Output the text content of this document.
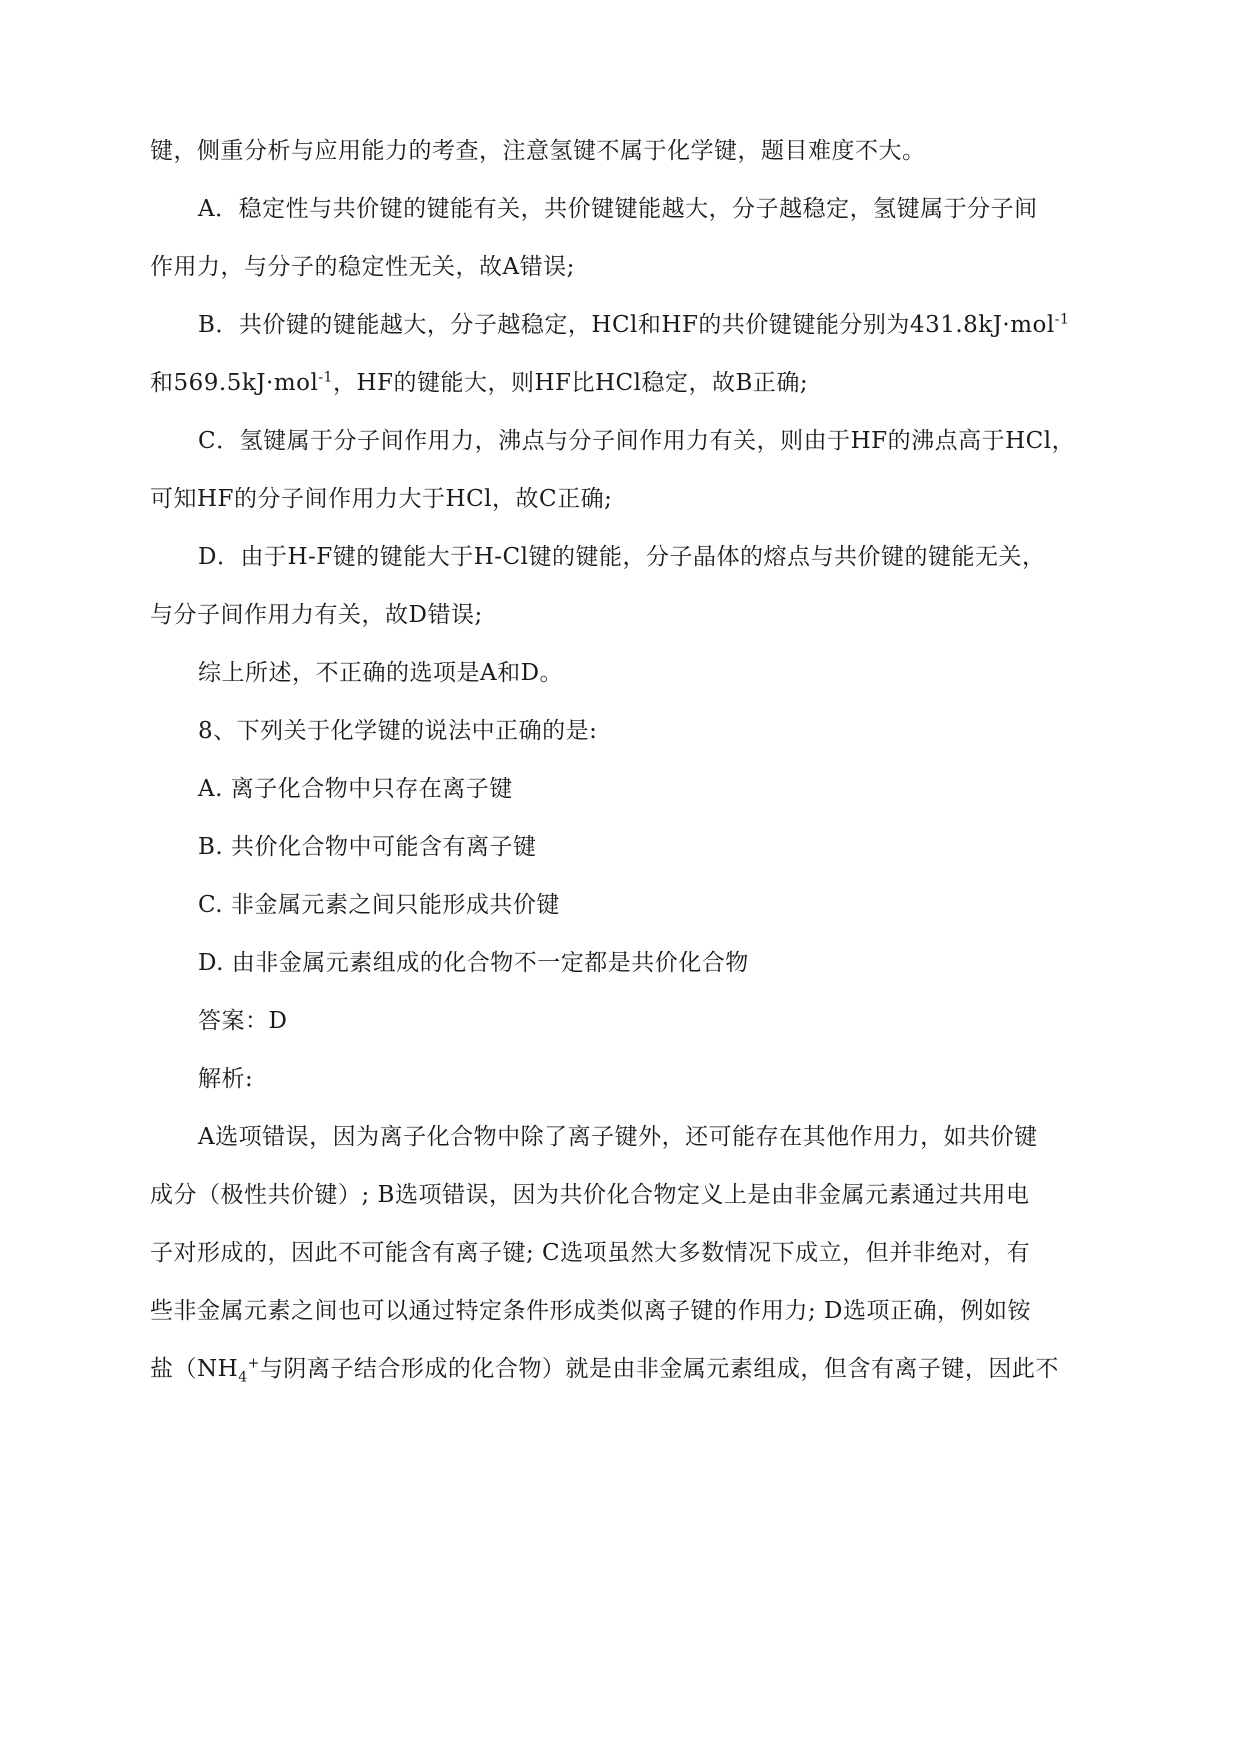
键，侧重分析与应用能力的考查，注意氢键不属于化学键，题目难度不大。
A．稳定性与共价键的键能有关，共价键键能越大，分子越稳定，氢键属于分子间
作用力，与分子的稳定性无关，故A错误;
B．共价键的键能越大，分子越稳定，HCl和HF的共价键键能分别为431.8kJ·mol$^{-1}$
和569.5kJ·mol$^{-1}$，HF的键能大，则HF比HCl稳定，故B正确;
C．氢键属于分子间作用力，沸点与分子间作用力有关，则由于HF的沸点高于HCl，
可知HF的分子间作用力大于HCl，故C正确;
D．由于H-F键的键能大于H-Cl键的键能，分子晶体的熔点与共价键的键能无关，
与分子间作用力有关，故D错误;
综上所述，不正确的选项是A和D。
8、下列关于化学键的说法中正确的是:
A. 离子化合物中只存在离子键
B. 共价化合物中可能含有离子键
C. 非金属元素之间只能形成共价键
D. 由非金属元素组成的化合物不一定都是共价化合物
答案：D
解析:
A选项错误，因为离子化合物中除了离子键外，还可能存在其他作用力，如共价键
成分（极性共价键）; B选项错误，因为共价化合物定义上是由非金属元素通过共用电
子对形成的，因此不可能含有离子键; C选项虽然大多数情况下成立，但并非绝对，有
些非金属元素之间也可以通过特定条件形成类似离子键的作用力; D选项正确，例如铵
盐（$NH_4^+$与阴离子结合形成的化合物）就是由非金属元素组成，但含有离子键，因此不
